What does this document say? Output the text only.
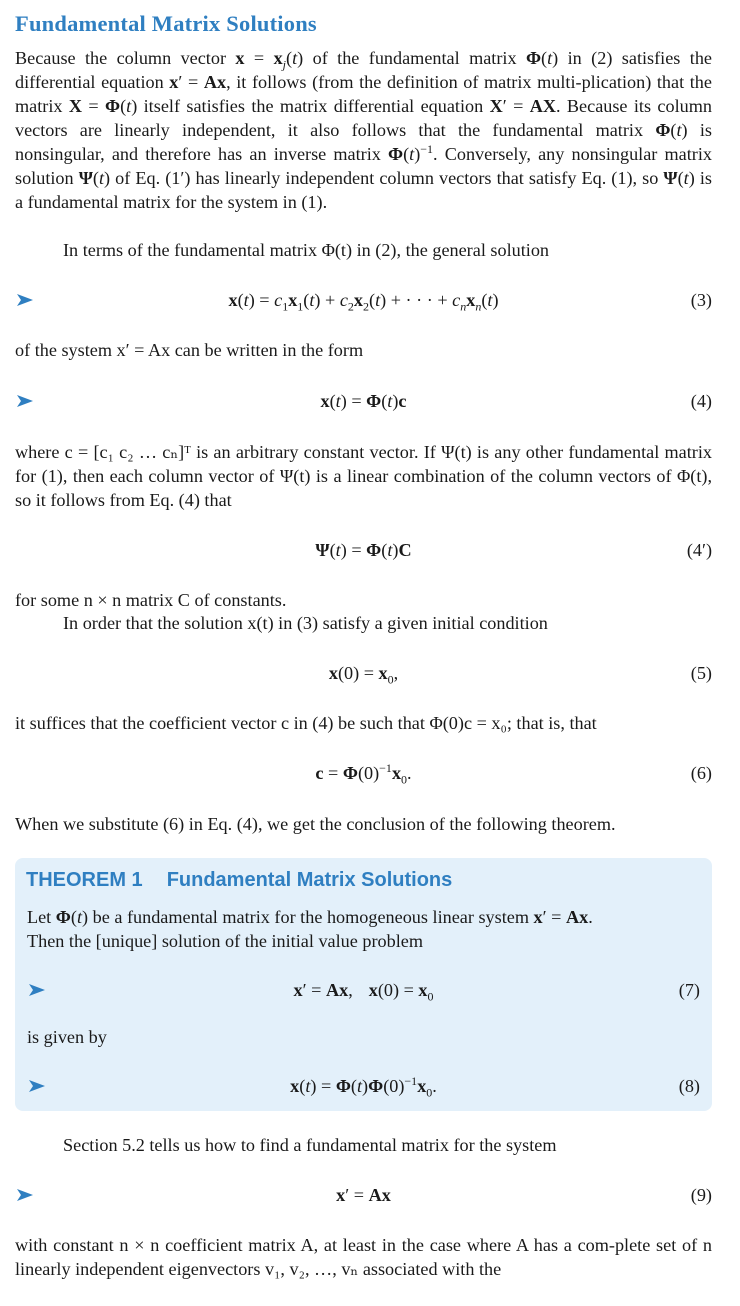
Fundamental Matrix Solutions
Because the column vector $x = x_j(t)$ of the fundamental matrix Φ(t) in (2) satisfies the differential equation x′ = Ax, it follows (from the definition of matrix multi-plication) that the matrix X = Φ(t) itself satisfies the matrix differential equation X′ = AX. Because its column vectors are linearly independent, it also follows that the fundamental matrix Φ(t) is nonsingular, and therefore has an inverse matrix $\Phi(t)^{-1}$. Conversely, any nonsingular matrix solution Ψ(t) of Eq. (1′) has linearly independent column vectors that satisfy Eq. (1), so Ψ(t) is a fundamental matrix for the system in (1).
In terms of the fundamental matrix Φ(t) in (2), the general solution
$x(t) = c_1x_1(t) + c_2x_2(t)$ + · · · + $c_nx_n(t)$	(3)
of the system x′ = Ax can be written in the form
x(t) = Φ(t)c	(4)
where c = [c₁ c₂ … cₙ]ᵀ is an arbitrary constant vector. If Ψ(t) is any other fundamental matrix for (1), then each column vector of Ψ(t) is a linear combination of the column vectors of Φ(t), so it follows from Eq. (4) that
Ψ(t) = Φ(t)C	(4′)
for some n × n matrix C of constants.
In order that the solution x(t) in (3) satisfy a given initial condition
$x(0) = x_0$,	(5)
it suffices that the coefficient vector c in (4) be such that Φ(0)c = x₀; that is, that
$c = \Phi(0)^{-1}x_0$.	(6)
When we substitute (6) in Eq. (4), we get the conclusion of the following theorem.
THEOREM 1 Fundamental Matrix Solutions
Let Φ(t) be a fundamental matrix for the homogeneous linear system x′ = Ax.
Then the [unique] solution of the initial value problem
x′ = Ax, $x(0) = x_0$	(7)
is given by
$x(t) = \Phi(t)\Phi(0)^{-1}x_0$.	(8)
Section 5.2 tells us how to find a fundamental matrix for the system
x′ = Ax	(9)
with constant n × n coefficient matrix A, at least in the case where A has a com-plete set of n linearly independent eigenvectors v₁, v₂, …, vₙ associated with the
